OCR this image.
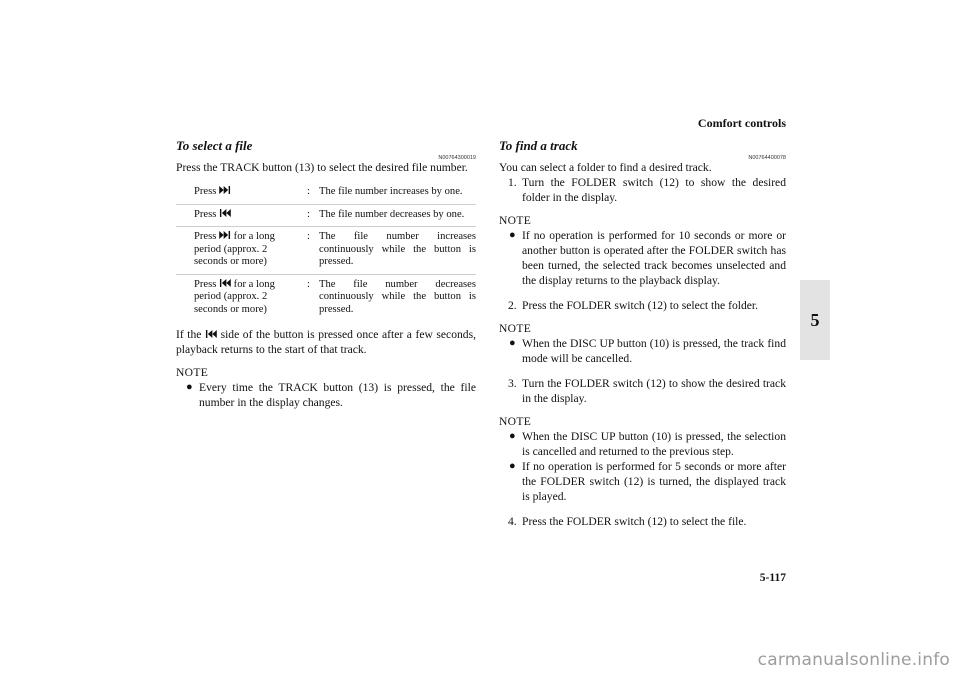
Comfort controls
5
To select a file
N00764300019

Press the TRACK button (13) to select the desired file number.

Press	: The file number increases by one.

Press	: The file number decreases by one.

Press  for a long period (approx. 2 seconds or more)	: The file number increases continuously while the button is pressed.

Press  for a long period (approx. 2 seconds or more)	: The file number decreases continuously while the button is pressed.

If the  side of the button is pressed once after a few seconds, playback returns to the start of that track.

NOTE
● Every time the TRACK button (13) is pressed, the file number in the display changes.
To find a track
N00764400078

You can select a folder to find a desired track.

1. Turn the FOLDER switch (12) to show the desired folder in the display.
NOTE
● If no operation is performed for 10 seconds or more or another button is operated after the FOLDER switch has been turned, the selected track becomes unselected and the display returns to the playback display.
2. Press the FOLDER switch (12) to select the folder.
NOTE
● When the DISC UP button (10) is pressed, the track find mode will be cancelled.
3. Turn the FOLDER switch (12) to show the desired track in the display.
NOTE
● When the DISC UP button (10) is pressed, the selection is cancelled and returned to the previous step.
● If no operation is performed for 5 seconds or more after the FOLDER switch (12) is turned, the displayed track is played.
4. Press the FOLDER switch (12) to select the file.
5-117
carmanualsonline.info
